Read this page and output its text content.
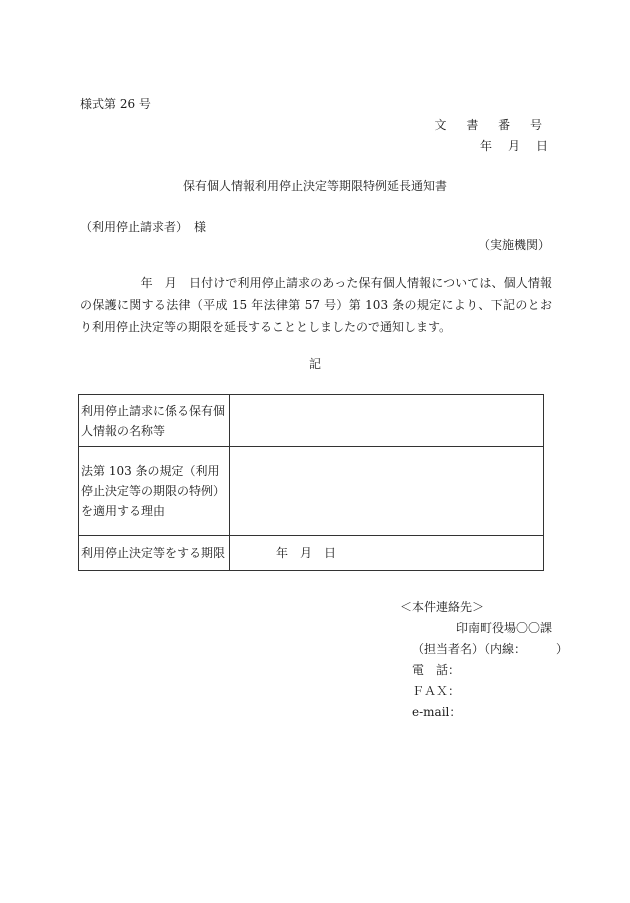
様式第 26 号
文 書 番 号
年　月　日
保有個人情報利用停止決定等期限特例延長通知書
（利用停止請求者）　様
（実施機関）
　　　　　年　月　日付けで利用停止請求のあった保有個人情報については、個人情報の保護に関する法律（平成 15 年法律第 57 号）第 103 条の規定により、下記のとおり利用停止決定等の期限を延長することとしましたので通知します。
記
利用停止請求に係る保有個人情報の名称等	
法第 103 条の規定（利用停止決定等の期限の特例）を適用する理由	
利用停止決定等をする期限	年　月　日
＜本件連絡先＞
印南町役場〇〇課
（担当者名）（内線：　　　）
電　話：
ＦＡＸ：
e-mail：
